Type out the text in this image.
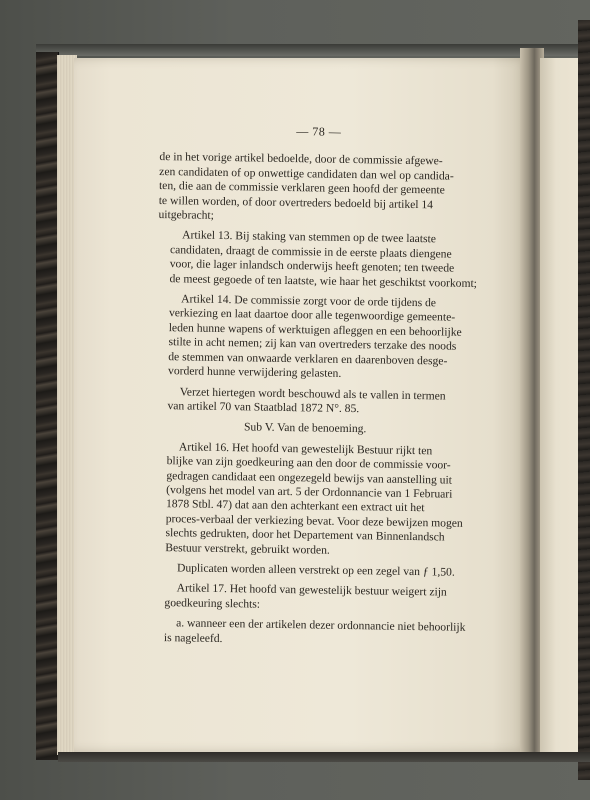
— 78 —
de in het vorige artikel bedoelde, door de commissie afgewe-
zen candidaten of op onwettige candidaten dan wel op candida-
ten, die aan de commissie verklaren geen hoofd der gemeente
te willen worden, of door overtreders bedoeld bij artikel 14
uitgebracht;
Artikel 13. Bij staking van stemmen op de twee laatste
candidaten, draagt de commissie in de eerste plaats diengene
voor, die lager inlandsch onderwijs heeft genoten; ten tweede
de meest gegoede of ten laatste, wie haar het geschiktst voorkomt;
Artikel 14. De commissie zorgt voor de orde tijdens de
verkiezing en laat daartoe door alle tegenwoordige gemeente-
leden hunne wapens of werktuigen afleggen en een behoorlijke
stilte in acht nemen; zij kan van overtreders terzake des noods
de stemmen van onwaarde verklaren en daarenboven desge-
vorderd hunne verwijdering gelasten.
Verzet hiertegen wordt beschouwd als te vallen in termen
van artikel 70 van Staatblad 1872 N°. 85.
Sub V. Van de benoeming.
Artikel 16. Het hoofd van gewestelijk Bestuur rijkt ten
blijke van zijn goedkeuring aan den door de commissie voor-
gedragen candidaat een ongezegeld bewijs van aanstelling uit
(volgens het model van art. 5 der Ordonnancie van 1 Februari
1878 Stbl. 47) dat aan den achterkant een extract uit het
proces-verbaal der verkiezing bevat. Voor deze bewijzen mogen
slechts gedrukten, door het Departement van Binnenlandsch
Bestuur verstrekt, gebruikt worden.
Duplicaten worden alleen verstrekt op een zegel van ƒ 1,50.
Artikel 17. Het hoofd van gewestelijk bestuur weigert zijn
goedkeuring slechts:
a. wanneer een der artikelen dezer ordonnancie niet behoorlijk
is nageleefd.
